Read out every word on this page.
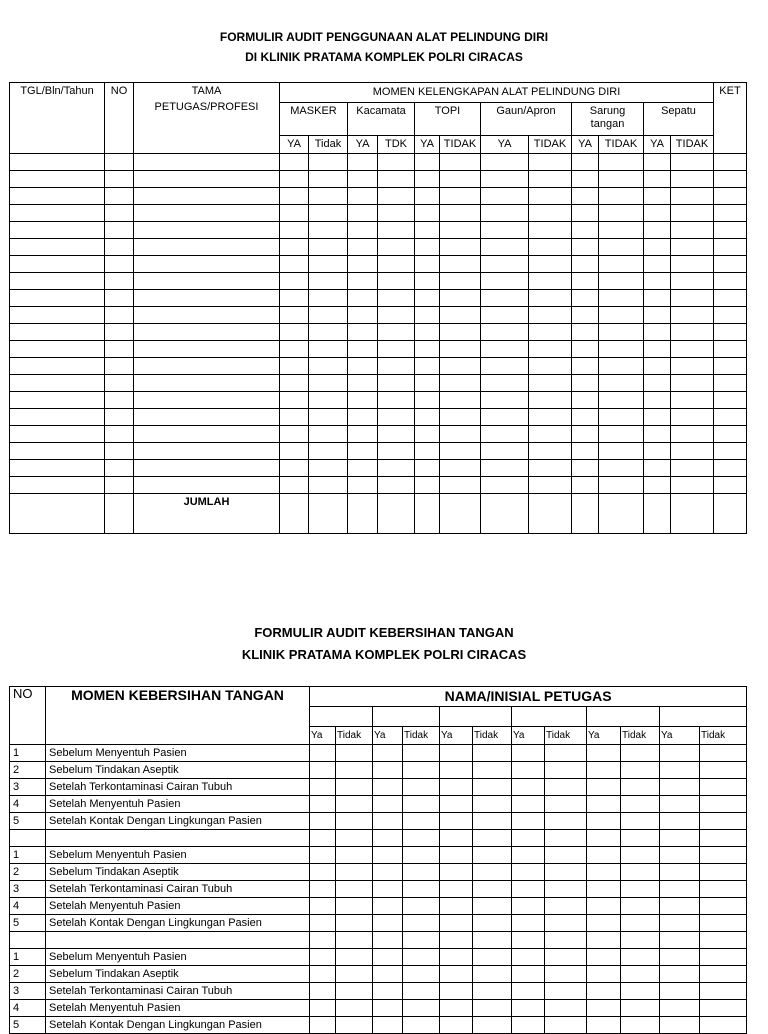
FORMULIR AUDIT PENGGUNAAN ALAT PELINDUNG DIRI
DI KLINIK PRATAMA KOMPLEK POLRI CIRACAS
TGL/Bln/Tahun	NO	TAMA
PETUGAS/PROFESI	MOMEN KELENGKAPAN ALAT PELINDUNG DIRI												KET
			MASKER		Kacamata		TOPI		Gaun/Apron		Sarung tangan		Sepatu		
			YA	Tidak	YA	TDK	YA	TIDAK	YA	TIDAK	YA	TIDAK	YA	TIDAK	

		JUMLAH													
FORMULIR AUDIT KEBERSIHAN TANGAN
KLINIK PRATAMA KOMPLEK POLRI CIRACAS
NO	MOMEN KEBERSIHAN TANGAN	NAMA/INISIAL PETUGAS											

		Ya	Tidak	Ya	Tidak	Ya	Tidak	Ya	Tidak	Ya	Tidak	Ya	Tidak
1	Sebelum Menyentuh Pasien												
2	Sebelum Tindakan Aseptik												
3	Setelah Terkontaminasi Cairan Tubuh												
4	Setelah Menyentuh Pasien												
5	Setelah Kontak Dengan Lingkungan Pasien												

1	Sebelum Menyentuh Pasien												
2	Sebelum Tindakan Aseptik												
3	Setelah Terkontaminasi Cairan Tubuh												
4	Setelah Menyentuh Pasien												
5	Setelah Kontak Dengan Lingkungan Pasien												

1	Sebelum Menyentuh Pasien												
2	Sebelum Tindakan Aseptik												
3	Setelah Terkontaminasi Cairan Tubuh												
4	Setelah Menyentuh Pasien												
5	Setelah Kontak Dengan Lingkungan Pasien												
